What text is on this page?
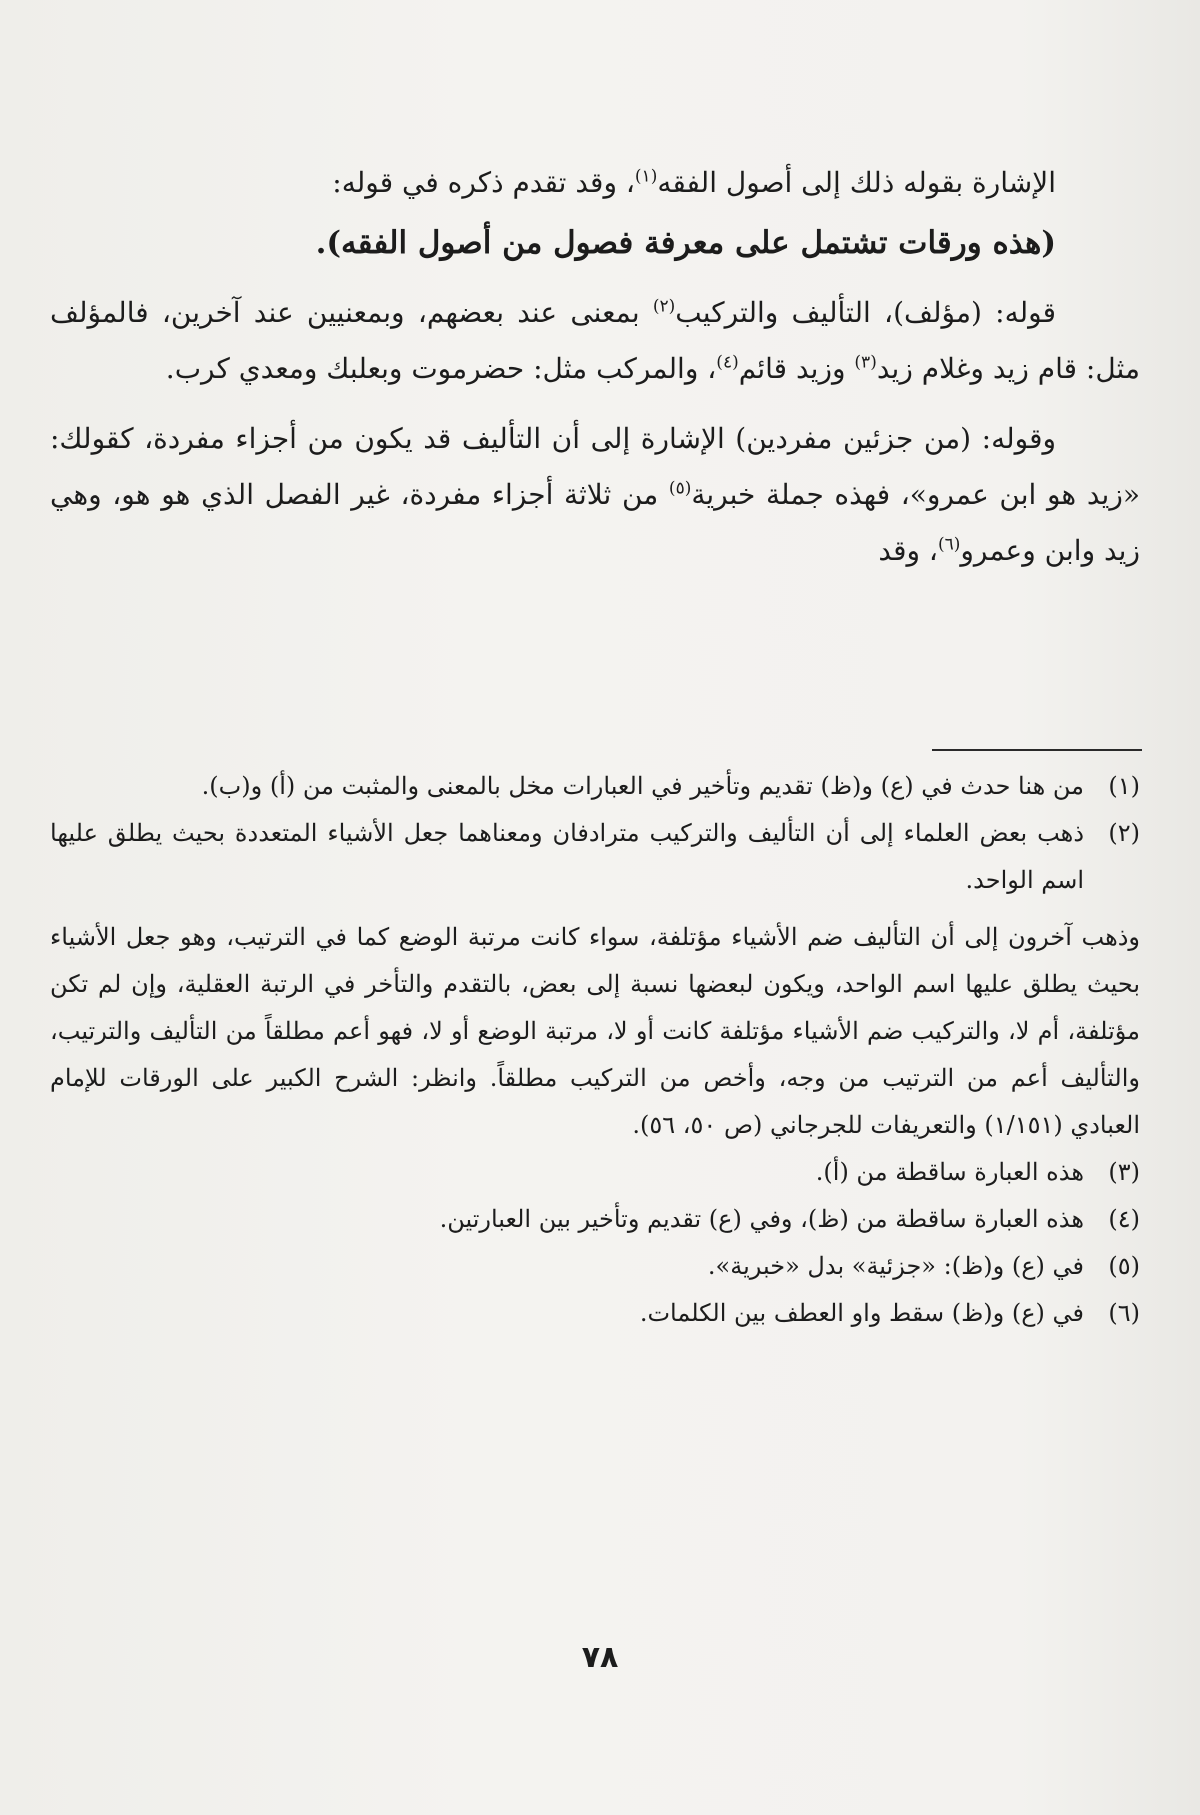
الإشارة بقوله ذلك إلى أصول الفقه$^{(١)}$، وقد تقدم ذكره في قوله:

(هذه ورقات تشتمل على معرفة فصول من أصول الفقه).

قوله: (مؤلف)، التأليف والتركيب$^{(٢)}$ بمعنى عند بعضهم، وبمعنيين عند آخرين، فالمؤلف مثل: قام زيد وغلام زيد$^{(٣)}$ وزيد قائم$^{(٤)}$، والمركب مثل: حضرموت وبعلبك ومعدي كرب.

وقوله: (من جزئين مفردين) الإشارة إلى أن التأليف قد يكون من أجزاء مفردة، كقولك: «زيد هو ابن عمرو»، فهذه جملة خبرية$^{(٥)}$ من ثلاثة أجزاء مفردة، غير الفصل الذي هو هو، وهي زيد وابن وعمرو$^{(٦)}$، وقد

(١)
من هنا حدث في (ع) و(ظ) تقديم وتأخير في العبارات مخل بالمعنى والمثبت من (أ) و(ب).
(٢)
ذهب بعض العلماء إلى أن التأليف والتركيب مترادفان ومعناهما جعل الأشياء المتعددة بحيث يطلق عليها اسم الواحد.
وذهب آخرون إلى أن التأليف ضم الأشياء مؤتلفة، سواء كانت مرتبة الوضع كما في الترتيب، وهو جعل الأشياء بحيث يطلق عليها اسم الواحد، ويكون لبعضها نسبة إلى بعض، بالتقدم والتأخر في الرتبة العقلية، وإن لم تكن مؤتلفة، أم لا، والتركيب ضم الأشياء مؤتلفة كانت أو لا، مرتبة الوضع أو لا، فهو أعم مطلقاً من التأليف والترتيب، والتأليف أعم من الترتيب من وجه، وأخص من التركيب مطلقاً. وانظر: الشرح الكبير على الورقات للإمام العبادي (١/١٥١) والتعريفات للجرجاني (ص ٥٠، ٥٦).
(٣)
هذه العبارة ساقطة من (أ).
(٤)
هذه العبارة ساقطة من (ظ)، وفي (ع) تقديم وتأخير بين العبارتين.
(٥)
في (ع) و(ظ): «جزئية» بدل «خبرية».
(٦)
في (ع) و(ظ) سقط واو العطف بين الكلمات.
٧٨
